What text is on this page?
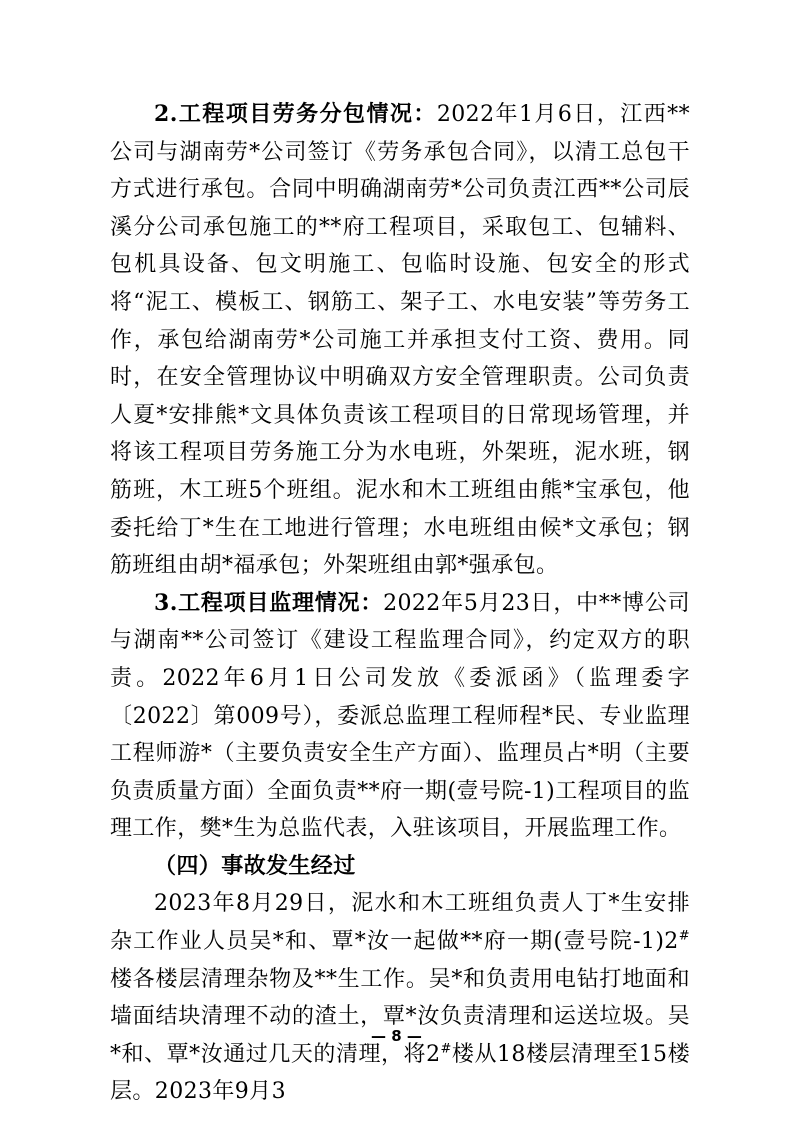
2.工程项目劳务分包情况：2022年1月6日，江西**公司与湖南劳*公司签订《劳务承包合同》，以清工总包干方式进行承包。合同中明确湖南劳*公司负责江西**公司辰溪分公司承包施工的**府工程项目，采取包工、包辅料、包机具设备、包文明施工、包临时设施、包安全的形式将“泥工、模板工、钢筋工、架子工、水电安装”等劳务工作，承包给湖南劳*公司施工并承担支付工资、费用。同时，在安全管理协议中明确双方安全管理职责。公司负责人夏*安排熊*文具体负责该工程项目的日常现场管理，并将该工程项目劳务施工分为水电班，外架班，泥水班，钢筋班，木工班5个班组。泥水和木工班组由熊*宝承包，他委托给丁*生在工地进行管理；水电班组由候*文承包；钢筋班组由胡*福承包；外架班组由郭*强承包。

3.工程项目监理情况：2022年5月23日，中**博公司与湖南**公司签订《建设工程监理合同》，约定双方的职责。2022年6月1日公司发放《委派函》（监理委字〔2022〕第009号），委派总监理工程师程*民、专业监理工程师游*（主要负责安全生产方面）、监理员占*明（主要负责质量方面）全面负责**府一期(壹号院-1)工程项目的监理工作，樊*生为总监代表，入驻该项目，开展监理工作。

（四）事故发生经过

2023年8月29日，泥水和木工班组负责人丁*生安排杂工作业人员吴*和、覃*汝一起做**府一期(壹号院-1)2#楼各楼层清理杂物及**生工作。吴*和负责用电钻打地面和墙面结块清理不动的渣土，覃*汝负责清理和运送垃圾。吴*和、覃*汝通过几天的清理，将2#楼从18楼层清理至15楼层。2023年9月3

— 8 —
